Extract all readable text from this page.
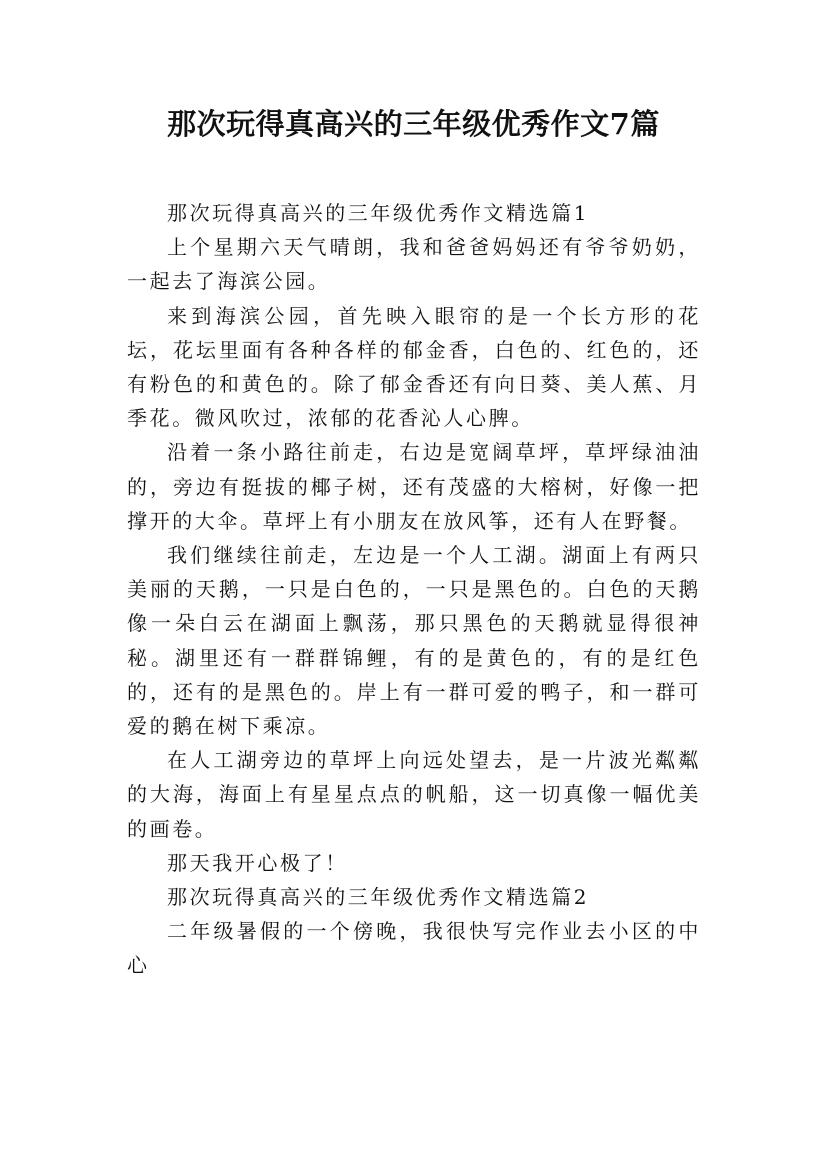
那次玩得真高兴的三年级优秀作文7篇

那次玩得真高兴的三年级优秀作文精选篇1

上个星期六天气晴朗，我和爸爸妈妈还有爷爷奶奶，一起去了海滨公园。

来到海滨公园，首先映入眼帘的是一个长方形的花坛，花坛里面有各种各样的郁金香，白色的、红色的，还有粉色的和黄色的。除了郁金香还有向日葵、美人蕉、月季花。微风吹过，浓郁的花香沁人心脾。

沿着一条小路往前走，右边是宽阔草坪，草坪绿油油的，旁边有挺拔的椰子树，还有茂盛的大榕树，好像一把撑开的大伞。草坪上有小朋友在放风筝，还有人在野餐。

我们继续往前走，左边是一个人工湖。湖面上有两只美丽的天鹅，一只是白色的，一只是黑色的。白色的天鹅像一朵白云在湖面上飘荡，那只黑色的天鹅就显得很神秘。湖里还有一群群锦鲤，有的是黄色的，有的是红色的，还有的是黑色的。岸上有一群可爱的鸭子，和一群可爱的鹅在树下乘凉。

在人工湖旁边的草坪上向远处望去，是一片波光粼粼的大海，海面上有星星点点的帆船，这一切真像一幅优美的画卷。

那天我开心极了！

那次玩得真高兴的三年级优秀作文精选篇2

二年级暑假的一个傍晚，我很快写完作业去小区的中心
